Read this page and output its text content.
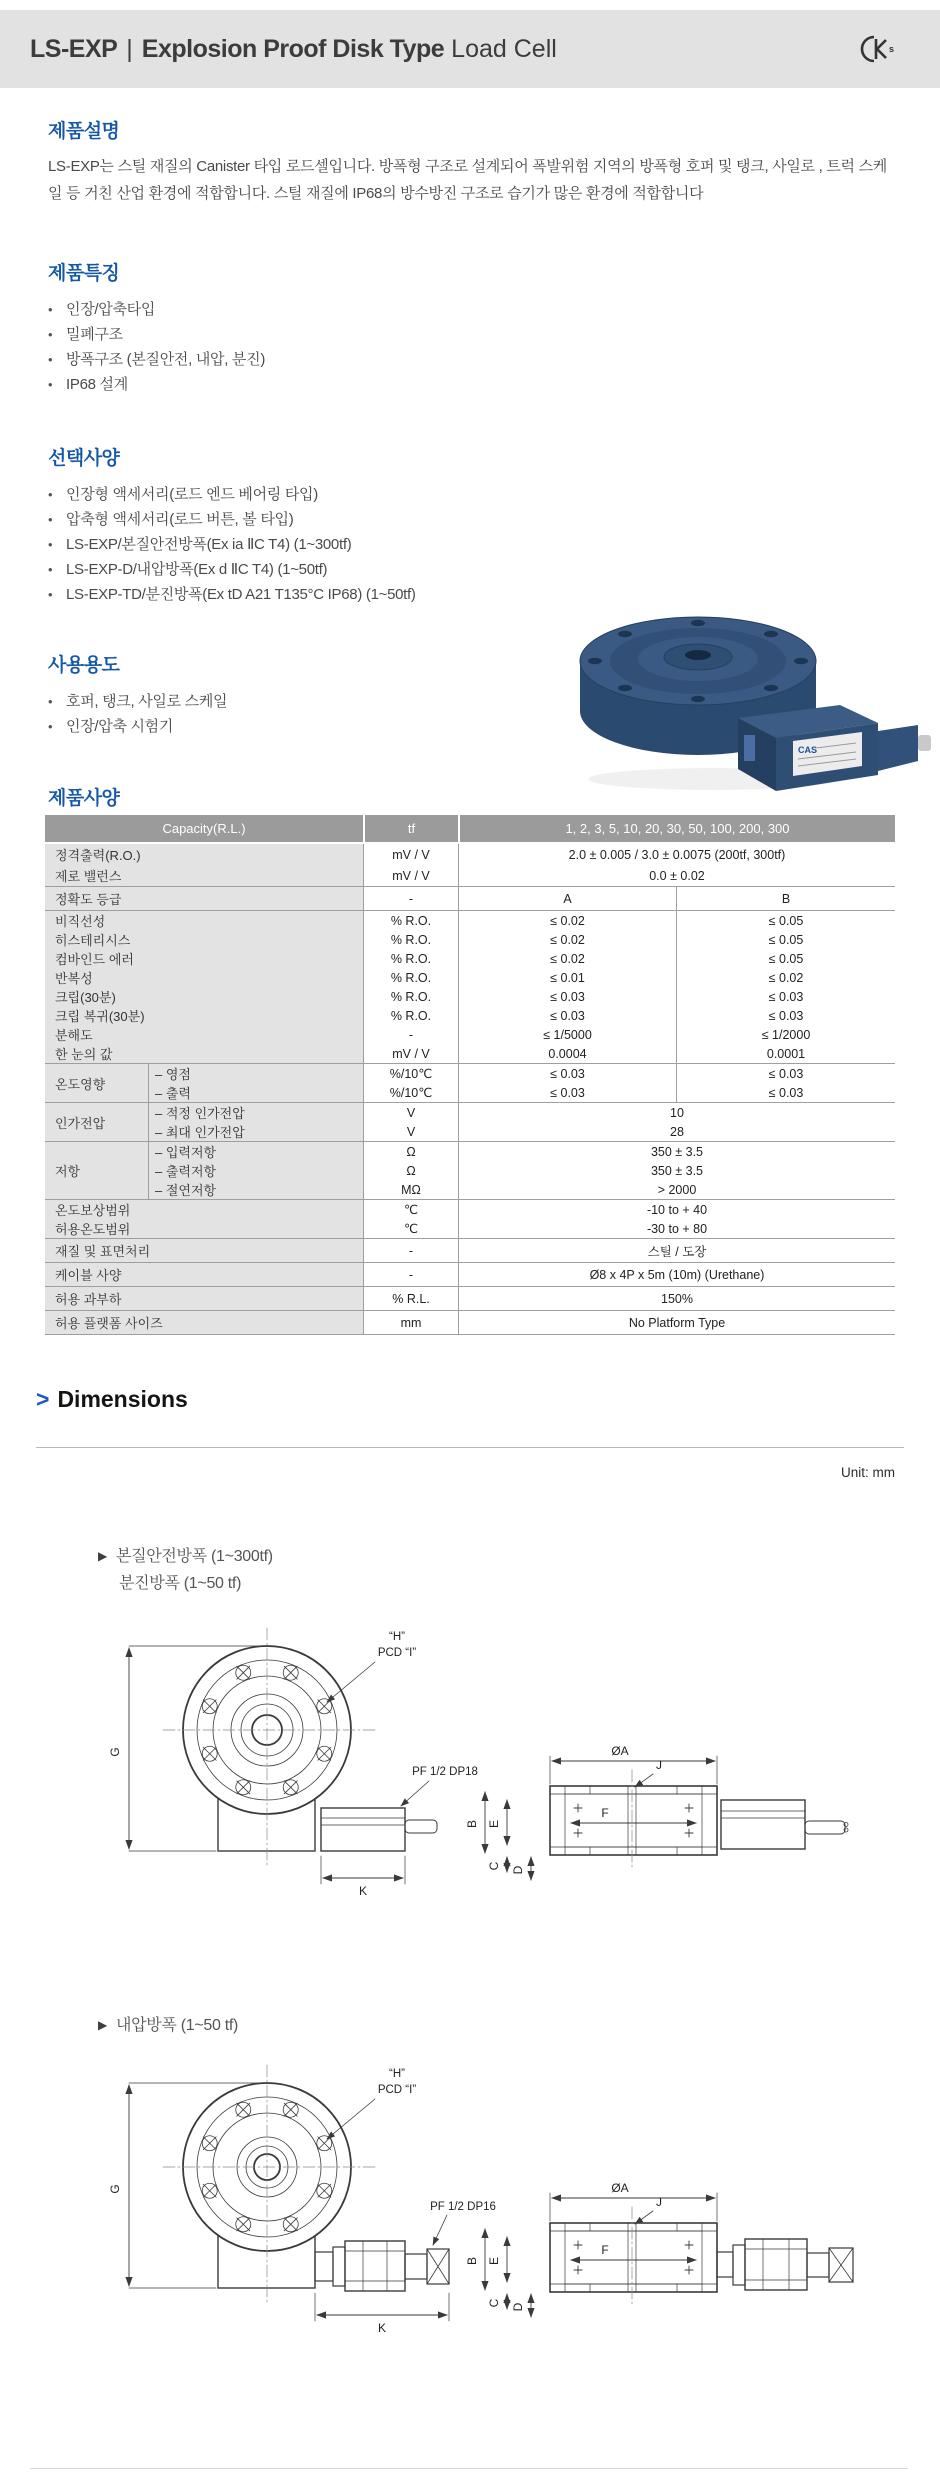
LS-EXP | Explosion Proof Disk Type Load Cell	s
제품설명
LS-EXP는 스틸 재질의 Canister 타입 로드셀입니다. 방폭형 구조로 설계되어 폭발위험 지역의 방폭형 호퍼 및 탱크, 사일로 , 트럭 스케일 등 거친 산업 환경에 적합합니다. 스틸 재질에 IP68의 방수방진 구조로 습기가 많은 환경에 적합합니다
제품특징
• 인장/압축타입
• 밀폐구조
• 방폭구조 (본질안전, 내압, 분진)
• IP68 설계
선택사양
• 인장형 액세서리(로드 엔드 베어링 타입)
• 압축형 액세서리(로드 버튼, 볼 타입)
• LS-EXP/본질안전방폭(Ex ia ⅡC T4) (1~300tf)
• LS-EXP-D/내압방폭(Ex d ⅡC T4) (1~50tf)
• LS-EXP-TD/분진방폭(Ex tD A21 T135°C IP68) (1~50tf)
사용용도
• 호퍼, 탱크, 사일로 스케일
• 인장/압축 시험기
CAS
제품사양
Capacity(R.L.)	tf	1, 2, 3, 5, 10, 20, 30, 50, 100, 200, 300
정격출력(R.O.)	mV / V	2.0 ± 0.005 / 3.0 ± 0.0075 (200tf, 300tf)
제로 밸런스	mV / V	0.0 ± 0.02
정확도 등급	-	A	B
비직선성	% R.O.	≤ 0.02	≤ 0.05
히스테리시스	% R.O.	≤ 0.02	≤ 0.05
컴바인드 에러	% R.O.	≤ 0.02	≤ 0.05
반복성	% R.O.	≤ 0.01	≤ 0.02
크립(30분)	% R.O.	≤ 0.03	≤ 0.03
크립 복귀(30분)	% R.O.	≤ 0.03	≤ 0.03
분해도	-	≤ 1/5000	≤ 1/2000
한 눈의 값	mV / V	0.0004	0.0001
온도영향
– 영점	%/10℃	≤ 0.03	≤ 0.03
– 출력	%/10℃	≤ 0.03	≤ 0.03
인가전압
– 적정 인가전압	V	10
– 최대 인가전압	V	28
저항
– 입력저항	Ω	350 ± 3.5
– 출력저항	Ω	350 ± 3.5
– 절연저항	MΩ	> 2000
온도보상범위	℃	-10 to + 40
허용온도범위	℃	-30 to + 80
재질 및 표면처리	-	스틸 / 도장
케이블 사양	-	Ø8 x 4P x 5m (10m) (Urethane)
허용 과부하	% R.L.	150%
허용 플랫폼 사이즈	mm	No Platform Type
> Dimensions
Unit: mm
▶ 본질안전방폭 (1~300tf)
분진방폭 (1~50 tf)
G
K
B E
C D
ØA
J
F
“H”
PCD “I”
PF 1/2 DP18
▶ 내압방폭 (1~50 tf)
G
K
B E
C D
ØA
J
F
“H”
PCD “I”
PF 1/2 DP16
